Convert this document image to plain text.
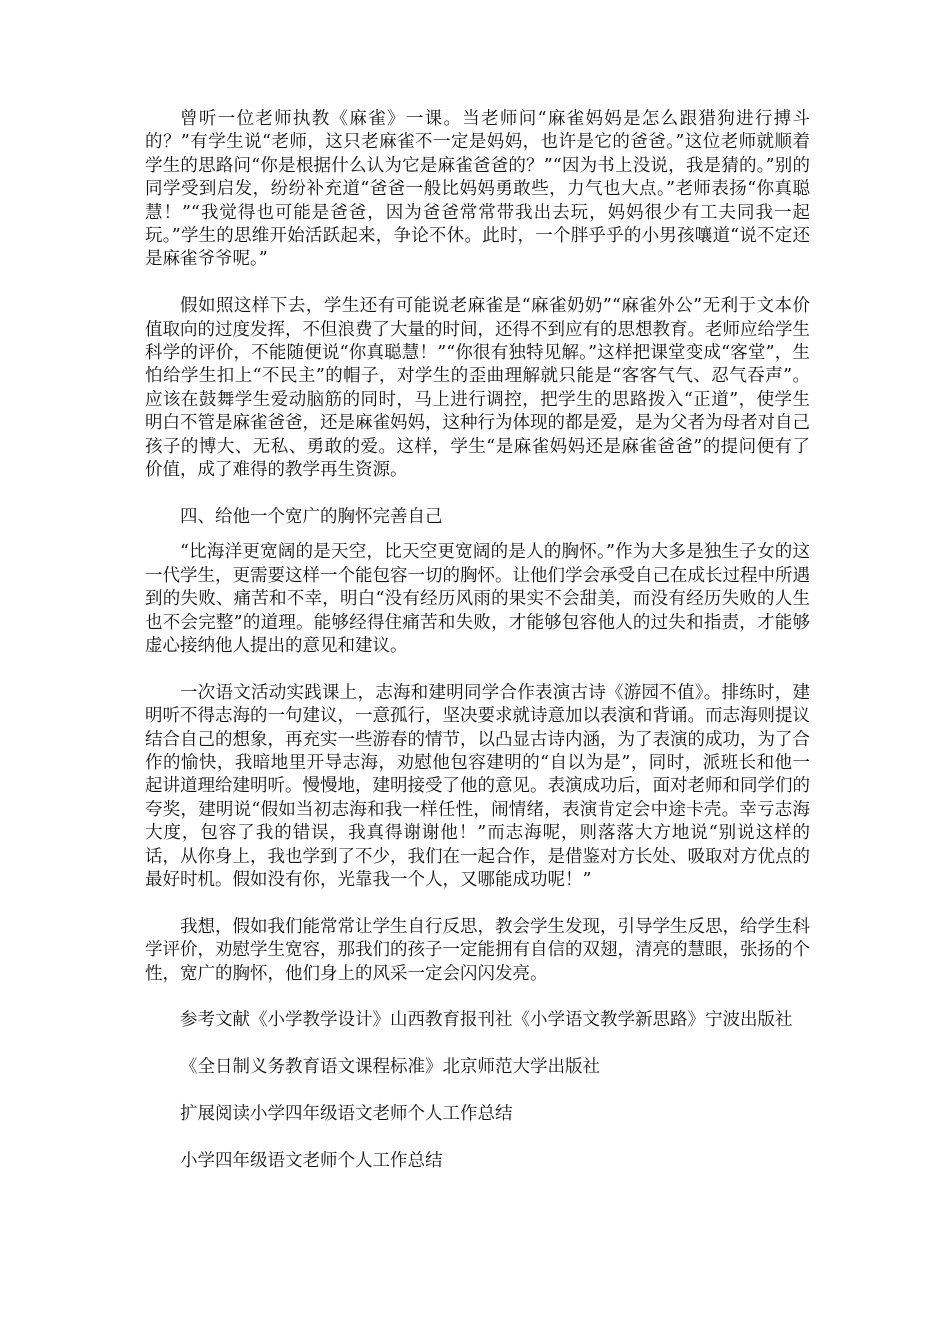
曾听一位老师执教《麻雀》一课。当老师问“麻雀妈妈是怎么跟猎狗进行搏斗的？”有学生说“老师，这只老麻雀不一定是妈妈，也许是它的爸爸。”这位老师就顺着学生的思路问“你是根据什么认为它是麻雀爸爸的？”“因为书上没说，我是猜的。”别的同学受到启发，纷纷补充道“爸爸一般比妈妈勇敢些，力气也大点。”老师表扬“你真聪慧！”“我觉得也可能是爸爸，因为爸爸常常带我出去玩，妈妈很少有工夫同我一起玩。”学生的思维开始活跃起来，争论不休。此时，一个胖乎乎的小男孩嚷道“说不定还是麻雀爷爷呢。”

假如照这样下去，学生还有可能说老麻雀是“麻雀奶奶”“麻雀外公”无利于文本价值取向的过度发挥，不但浪费了大量的时间，还得不到应有的思想教育。老师应给学生科学的评价，不能随便说“你真聪慧！”“你很有独特见解。”这样把课堂变成“客堂”，生怕给学生扣上“不民主”的帽子，对学生的歪曲理解就只能是“客客气气、忍气吞声”。应该在鼓舞学生爱动脑筋的同时，马上进行调控，把学生的思路拨入“正道”，使学生明白不管是麻雀爸爸，还是麻雀妈妈，这种行为体现的都是爱，是为父者为母者对自己孩子的博大、无私、勇敢的爱。这样，学生“是麻雀妈妈还是麻雀爸爸”的提问便有了价值，成了难得的教学再生资源。

四、给他一个宽广的胸怀完善自己

“比海洋更宽阔的是天空，比天空更宽阔的是人的胸怀。”作为大多是独生子女的这一代学生，更需要这样一个能包容一切的胸怀。让他们学会承受自己在成长过程中所遇到的失败、痛苦和不幸，明白“没有经历风雨的果实不会甜美，而没有经历失败的人生也不会完整”的道理。能够经得住痛苦和失败，才能够包容他人的过失和指责，才能够虚心接纳他人提出的意见和建议。

一次语文活动实践课上，志海和建明同学合作表演古诗《游园不值》。排练时，建明听不得志海的一句建议，一意孤行，坚决要求就诗意加以表演和背诵。而志海则提议结合自己的想象，再充实一些游春的情节，以凸显古诗内涵，为了表演的成功，为了合作的愉快，我暗地里开导志海，劝慰他包容建明的“自以为是”，同时，派班长和他一起讲道理给建明听。慢慢地，建明接受了他的意见。表演成功后，面对老师和同学们的夸奖，建明说“假如当初志海和我一样任性，闹情绪，表演肯定会中途卡壳。幸亏志海大度，包容了我的错误，我真得谢谢他！”而志海呢，则落落大方地说“别说这样的话，从你身上，我也学到了不少，我们在一起合作，是借鉴对方长处、吸取对方优点的最好时机。假如没有你，光靠我一个人，又哪能成功呢！”

我想，假如我们能常常让学生自行反思，教会学生发现，引导学生反思，给学生科学评价，劝慰学生宽容，那我们的孩子一定能拥有自信的双翅，清亮的慧眼，张扬的个性，宽广的胸怀，他们身上的风采一定会闪闪发亮。

参考文献《小学教学设计》山西教育报刊社《小学语文教学新思路》宁波出版社

《全日制义务教育语文课程标准》北京师范大学出版社

扩展阅读小学四年级语文老师个人工作总结

小学四年级语文老师个人工作总结
